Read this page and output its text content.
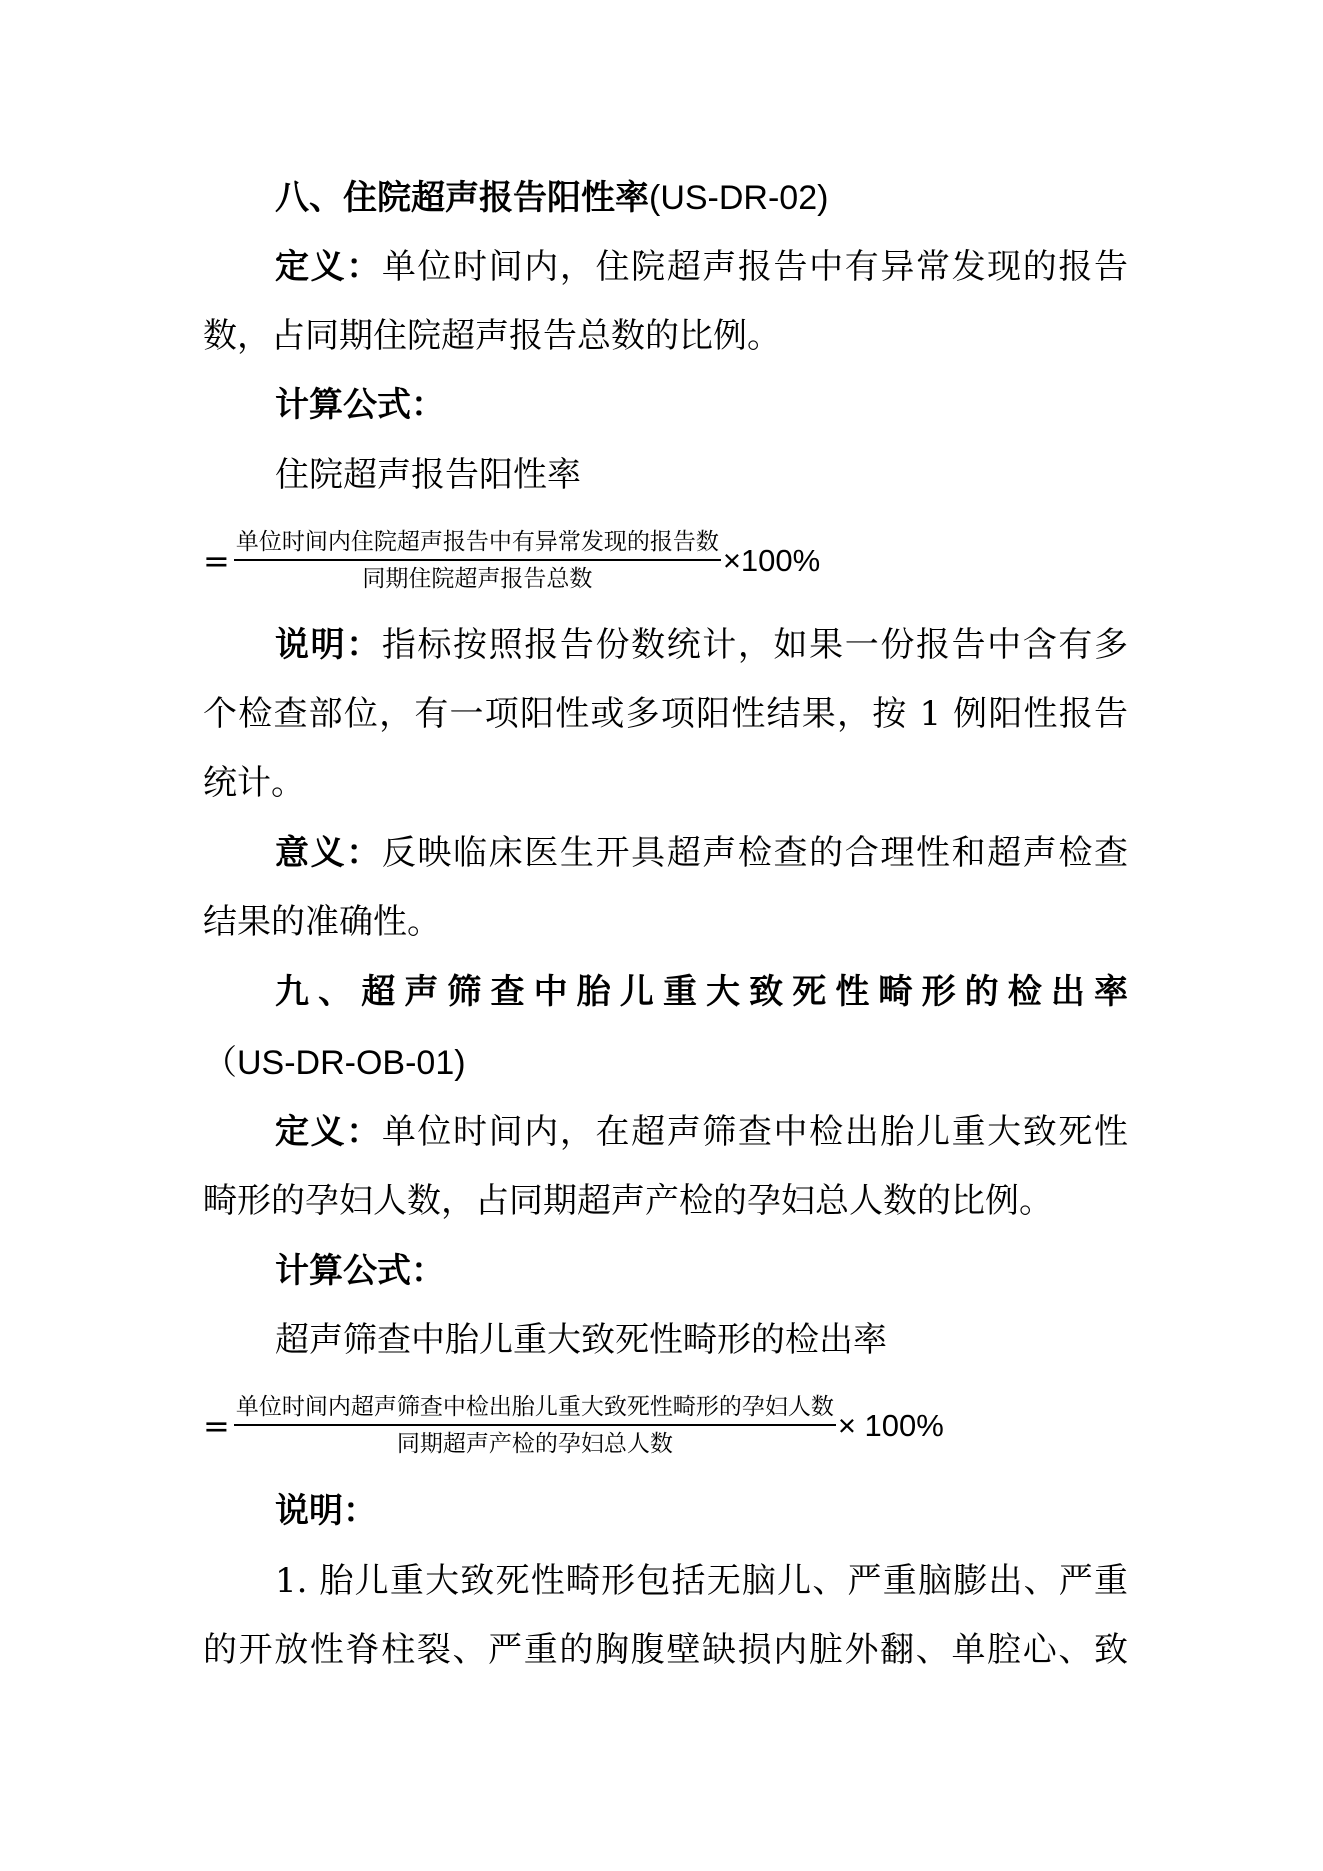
八、住院超声报告阳性率(US-DR-02)
定义：单位时间内，住院超声报告中有异常发现的报告
数，占同期住院超声报告总数的比例。
计算公式：
住院超声报告阳性率
= $\frac{\text{单位时间内住院超声报告中有异常发现的报告数}}{\text{同期住院超声报告总数}} \times 100\%$
说明：指标按照报告份数统计，如果一份报告中含有多
个检查部位，有一项阳性或多项阳性结果，按 1 例阳性报告
统计。
意义：反映临床医生开具超声检查的合理性和超声检查
结果的准确性。
九、超声筛查中胎儿重大致死性畸形的检出率
（US-DR-OB-01)
定义：单位时间内，在超声筛查中检出胎儿重大致死性
畸形的孕妇人数，占同期超声产检的孕妇总人数的比例。
计算公式：
超声筛查中胎儿重大致死性畸形的检出率
= $\frac{\text{单位时间内超声筛查中检出胎儿重大致死性畸形的孕妇人数}}{\text{同期超声产检的孕妇总人数}} \times 100\%$
说明：
1. 胎儿重大致死性畸形包括无脑儿、严重脑膨出、严重
的开放性脊柱裂、严重的胸腹壁缺损内脏外翻、单腔心、致
